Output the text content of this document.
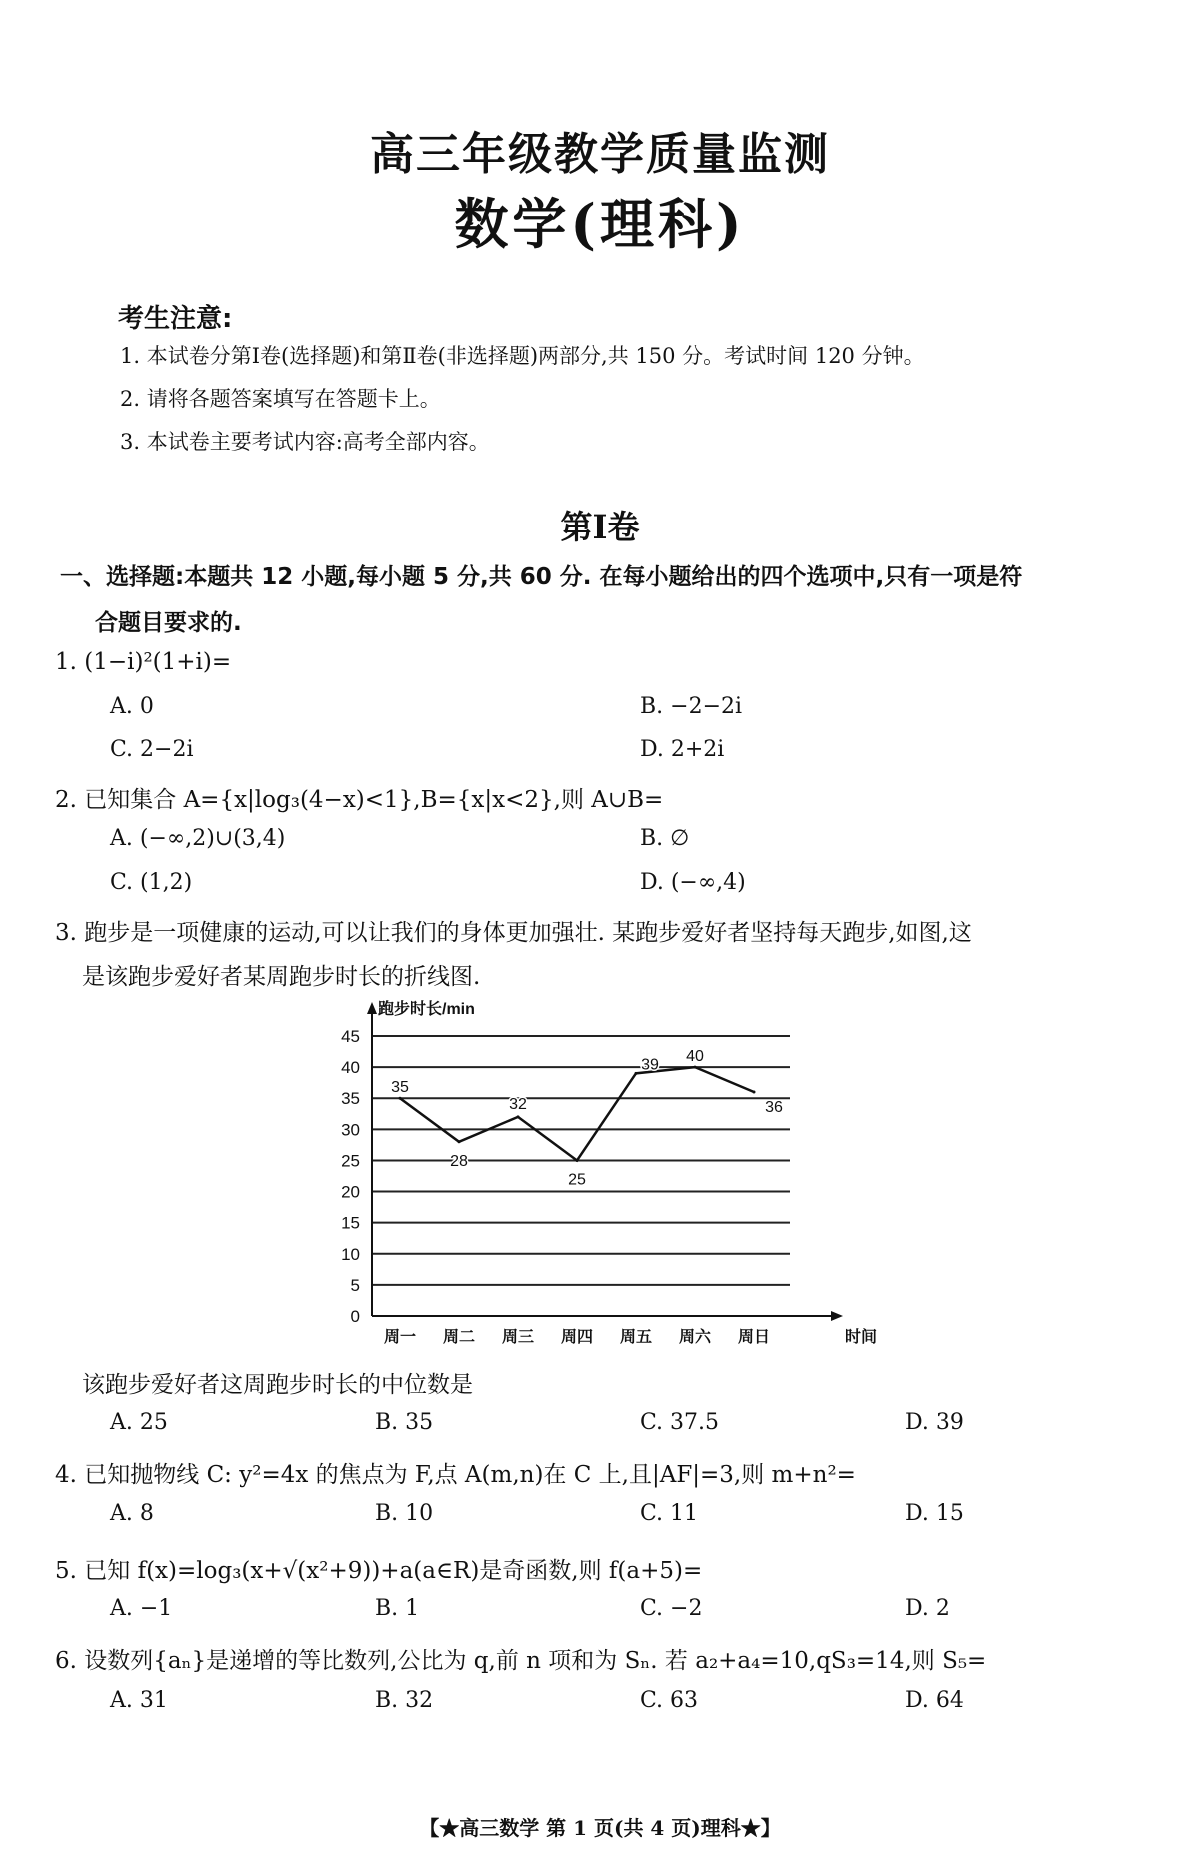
高三年级教学质量监测
数学(理科)
考生注意:
1. 本试卷分第Ⅰ卷(选择题)和第Ⅱ卷(非选择题)两部分,共 150 分。考试时间 120 分钟。
2. 请将各题答案填写在答题卡上。
3. 本试卷主要考试内容:高考全部内容。
第Ⅰ卷
一、选择题:本题共 12 小题,每小题 5 分,共 60 分. 在每小题给出的四个选项中,只有一项是符
合题目要求的.
1. (1−i)²(1+i)=
A. 0	B. −2−2i
C. 2−2i	D. 2+2i
2. 已知集合 A={x|log₃(4−x)<1},B={x|x<2},则 A∪B=
A. (−∞,2)∪(3,4)	B. ∅
C. (1,2)	D. (−∞,4)
3. 跑步是一项健康的运动,可以让我们的身体更加强壮. 某跑步爱好者坚持每天跑步,如图,这
是该跑步爱好者某周跑步时长的折线图.
0
5
10
15
20
25
30
35
40
45
跑步时长/min
时间
周一 周二 周三 周四 周五 周六 周日
35
28
32
25
39 40
36
该跑步爱好者这周跑步时长的中位数是
A. 25	B. 35	C. 37.5	D. 39
4. 已知抛物线 C: y²=4x 的焦点为 F,点 A(m,n)在 C 上,且|AF|=3,则 m+n²=
A. 8	B. 10	C. 11	D. 15
5. 已知 f(x)=log₃(x+√(x²+9))+a(a∈R)是奇函数,则 f(a+5)=
A. −1	B. 1	C. −2	D. 2
6. 设数列{aₙ}是递增的等比数列,公比为 q,前 n 项和为 Sₙ. 若 a₂+a₄=10,qS₃=14,则 S₅=
A. 31	B. 32	C. 63	D. 64
【★高三数学 第 1 页(共 4 页)理科★】
